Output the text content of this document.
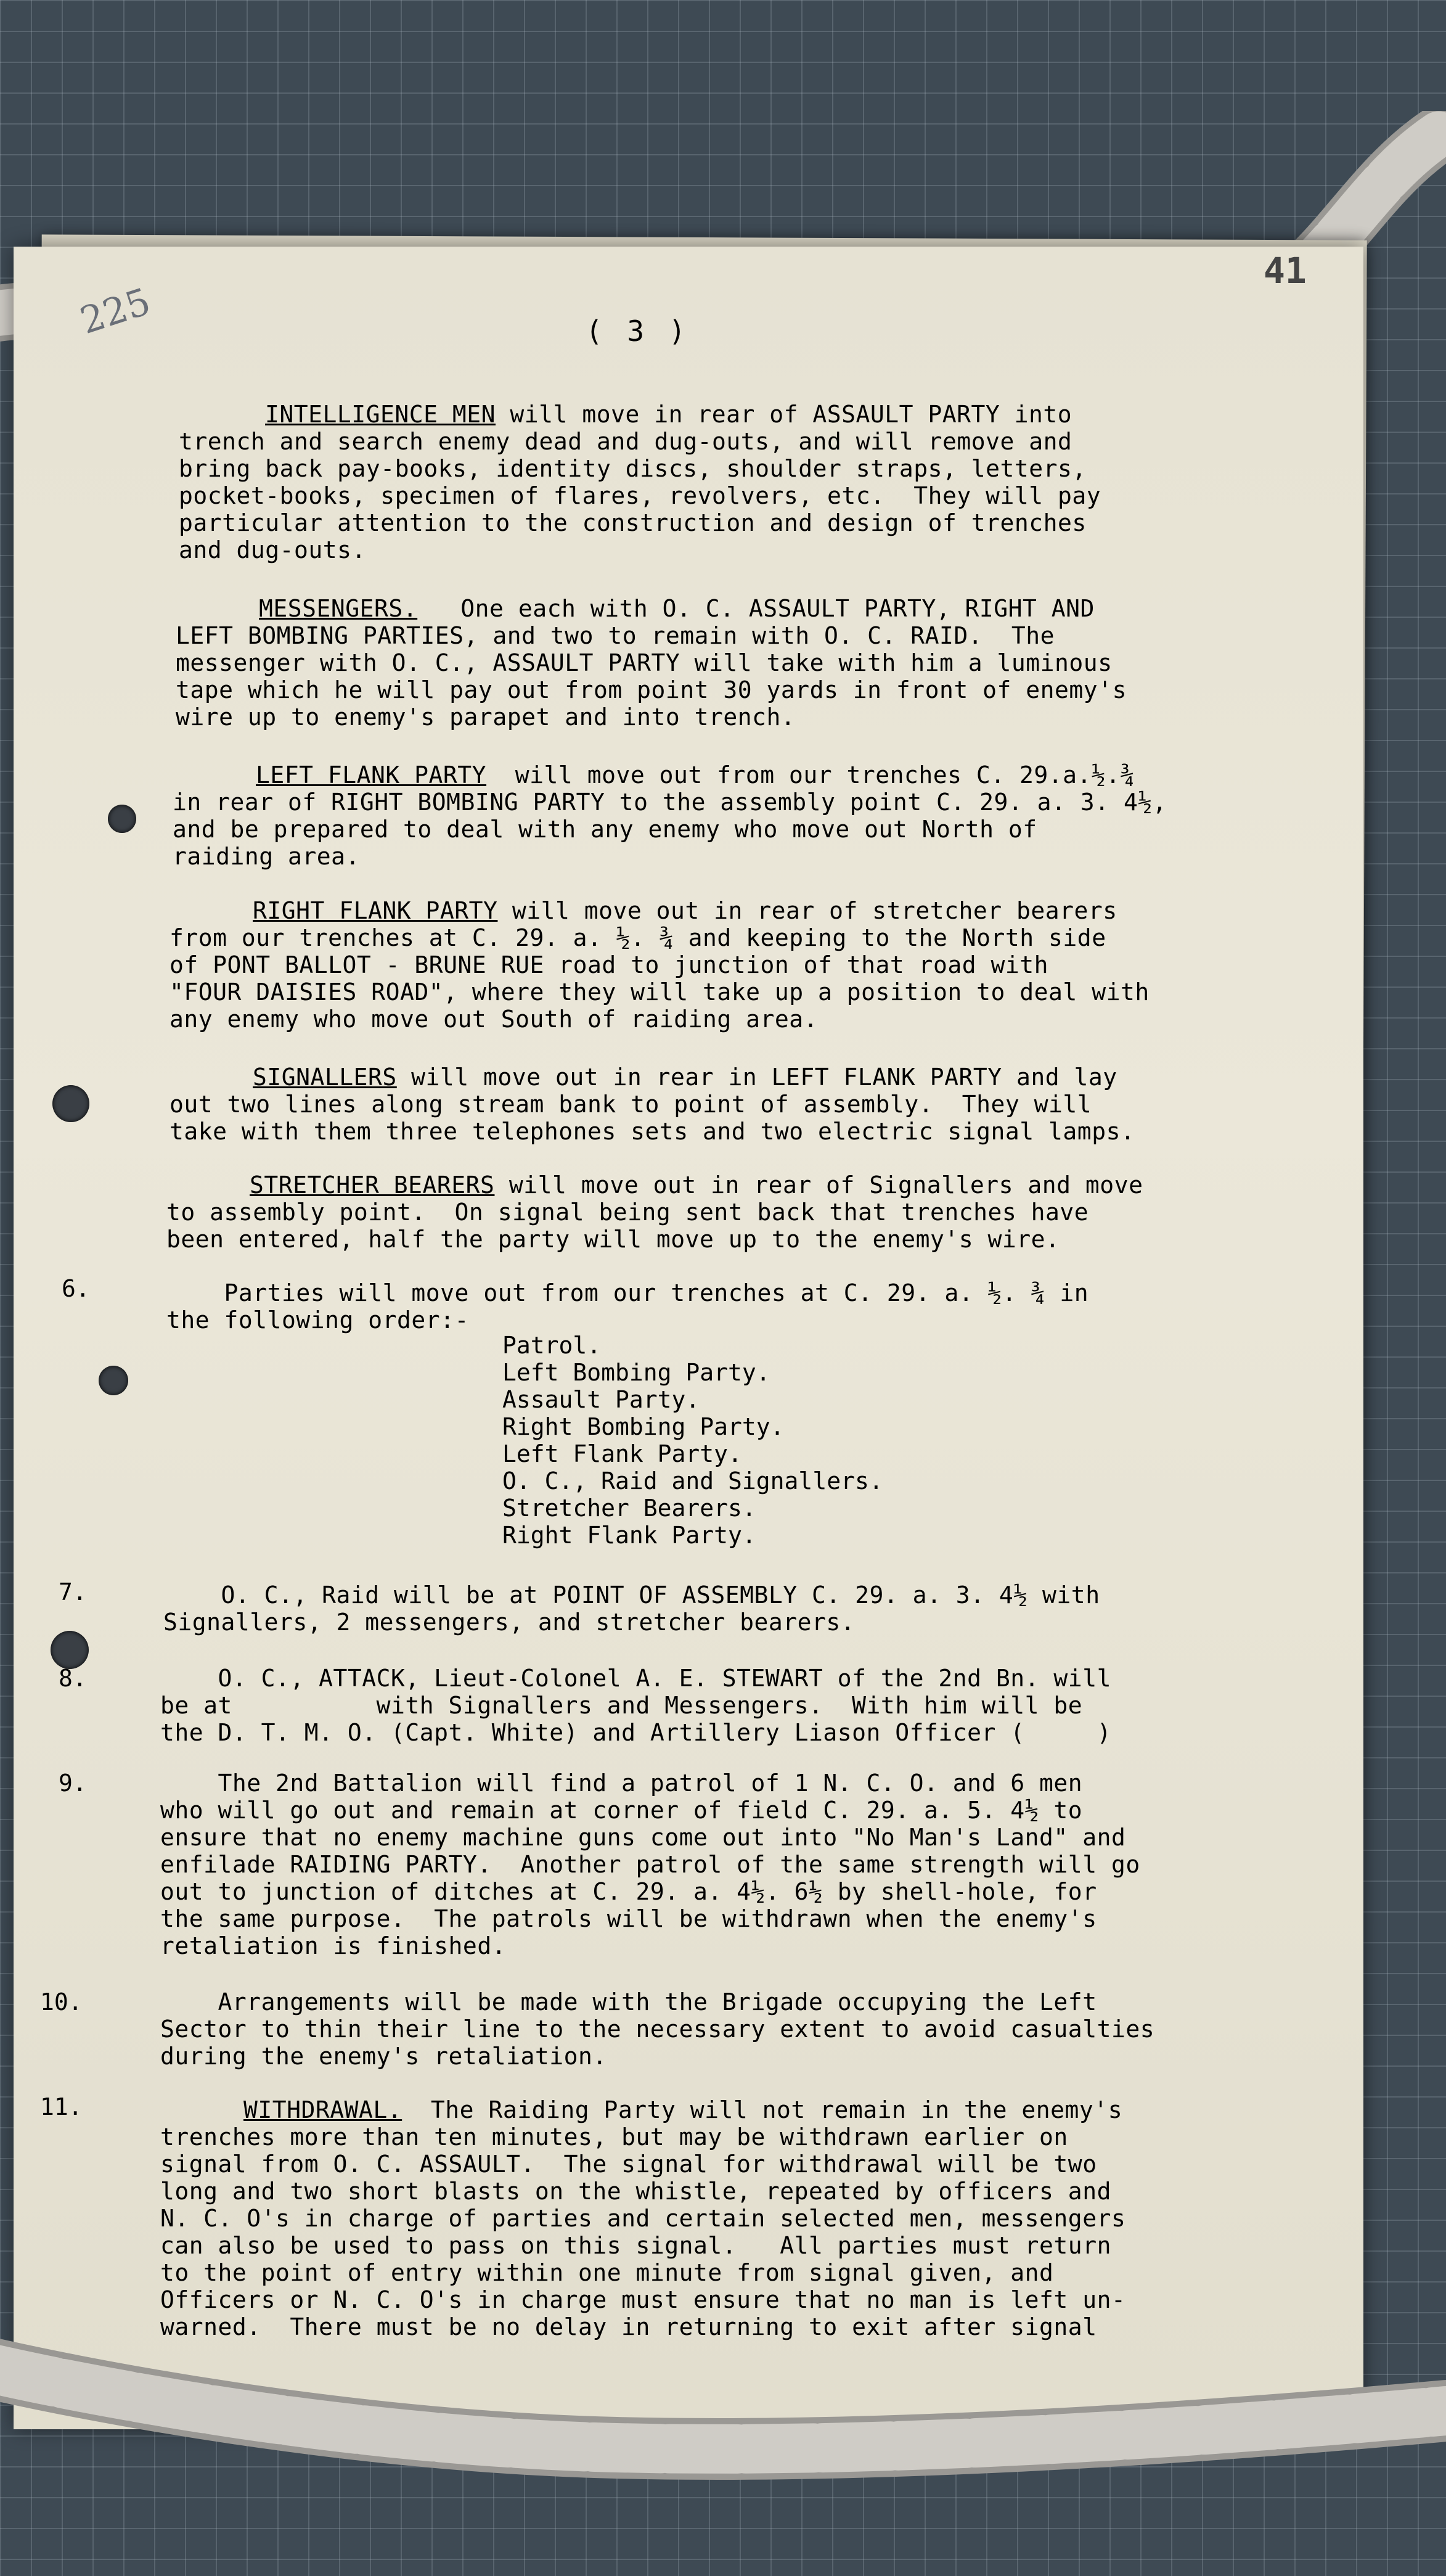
41
225	( 3 )
INTELLIGENCE MEN will move in rear of ASSAULT PARTY into
trench and search enemy dead and dug-outs, and will remove and
bring back pay-books, identity discs, shoulder straps, letters,
pocket-books, specimen of flares, revolvers, etc.  They will pay
particular attention to the construction and design of trenches
and dug-outs.
MESSENGERS.   One each with O. C. ASSAULT PARTY, RIGHT AND
LEFT BOMBING PARTIES, and two to remain with O. C. RAID.  The
messenger with O. C., ASSAULT PARTY will take with him a luminous
tape which he will pay out from point 30 yards in front of enemy's
wire up to enemy's parapet and into trench.
LEFT FLANK PARTY  will move out from our trenches C. 29.a.½.¾
in rear of RIGHT BOMBING PARTY to the assembly point C. 29. a. 3. 4½,
and be prepared to deal with any enemy who move out North of
raiding area.
RIGHT FLANK PARTY will move out in rear of stretcher bearers
from our trenches at C. 29. a. ½. ¾ and keeping to the North side
of PONT BALLOT - BRUNE RUE road to junction of that road with
"FOUR DAISIES ROAD", where they will take up a position to deal with
any enemy who move out South of raiding area.
SIGNALLERS will move out in rear in LEFT FLANK PARTY and lay
out two lines along stream bank to point of assembly.  They will
take with them three telephones sets and two electric signal lamps.
STRETCHER BEARERS will move out in rear of Signallers and move
to assembly point.  On signal being sent back that trenches have
been entered, half the party will move up to the enemy's wire.
6.	Parties will move out from our trenches at C. 29. a. ½. ¾ in
the following order:-
Patrol.
Left Bombing Party.
Assault Party.
Right Bombing Party.
Left Flank Party.
O. C., Raid and Signallers.
Stretcher Bearers.
Right Flank Party.
7.	O. C., Raid will be at POINT OF ASSEMBLY C. 29. a. 3. 4½ with
Signallers, 2 messengers, and stretcher bearers.
8.	O. C., ATTACK, Lieut-Colonel A. E. STEWART of the 2nd Bn. will
be at          with Signallers and Messengers.  With him will be
the D. T. M. O. (Capt. White) and Artillery Liason Officer (     )
9.	The 2nd Battalion will find a patrol of 1 N. C. O. and 6 men
who will go out and remain at corner of field C. 29. a. 5. 4½ to
ensure that no enemy machine guns come out into "No Man's Land" and
enfilade RAIDING PARTY.  Another patrol of the same strength will go
out to junction of ditches at C. 29. a. 4½. 6½ by shell-hole, for
the same purpose.  The patrols will be withdrawn when the enemy's
retaliation is finished.
10.	Arrangements will be made with the Brigade occupying the Left
Sector to thin their line to the necessary extent to avoid casualties
during the enemy's retaliation.
11.	WITHDRAWAL.  The Raiding Party will not remain in the enemy's
trenches more than ten minutes, but may be withdrawn earlier on
signal from O. C. ASSAULT.  The signal for withdrawal will be two
long and two short blasts on the whistle, repeated by officers and
N. C. O's in charge of parties and certain selected men, messengers
can also be used to pass on this signal.   All parties must return
to the point of entry within one minute from signal given, and
Officers or N. C. O's in charge must ensure that no man is left un-
warned.  There must be no delay in returning to exit after signal
